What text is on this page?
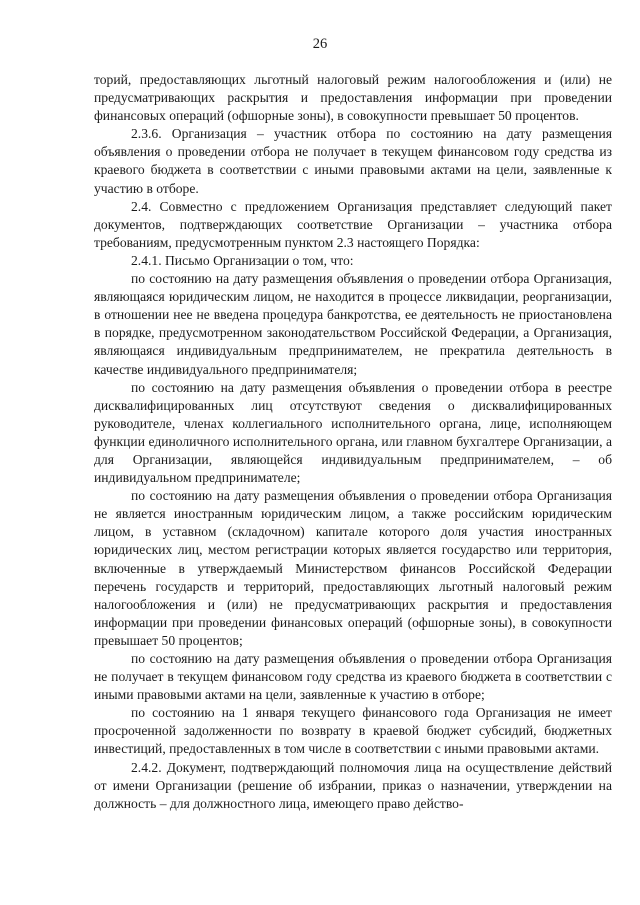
26

торий, предоставляющих льготный налоговый режим налогообложения и (или) не предусматривающих раскрытия и предоставления информации при проведении финансовых операций (офшорные зоны), в совокупности превышает 50 процентов.

2.3.6. Организация – участник отбора по состоянию на дату размещения объявления о проведении отбора не получает в текущем финансовом году средства из краевого бюджета в соответствии с иными правовыми актами на цели, заявленные к участию в отборе.

2.4. Совместно с предложением Организация представляет следующий пакет документов, подтверждающих соответствие Организации – участника отбора требованиям, предусмотренным пунктом 2.3 настоящего Порядка:

2.4.1. Письмо Организации о том, что:

по состоянию на дату размещения объявления о проведении отбора Организация, являющаяся юридическим лицом, не находится в процессе ликвидации, реорганизации, в отношении нее не введена процедура банкротства, ее деятельность не приостановлена в порядке, предусмотренном законодательством Российской Федерации, а Организация, являющаяся индивидуальным предпринимателем, не прекратила деятельность в качестве индивидуального предпринимателя;

по состоянию на дату размещения объявления о проведении отбора в реестре дисквалифицированных лиц отсутствуют сведения о дисквалифицированных руководителе, членах коллегиального исполнительного органа, лице, исполняющем функции единоличного исполнительного органа, или главном бухгалтере Организации, а для Организации, являющейся индивидуальным предпринимателем, – об индивидуальном предпринимателе;

по состоянию на дату размещения объявления о проведении отбора Организация не является иностранным юридическим лицом, а также российским юридическим лицом, в уставном (складочном) капитале которого доля участия иностранных юридических лиц, местом регистрации которых является государство или территория, включенные в утверждаемый Министерством финансов Российской Федерации перечень государств и территорий, предоставляющих льготный налоговый режим налогообложения и (или) не предусматривающих раскрытия и предоставления информации при проведении финансовых операций (офшорные зоны), в совокупности превышает 50 процентов;

по состоянию на дату размещения объявления о проведении отбора Организация не получает в текущем финансовом году средства из краевого бюджета в соответствии с иными правовыми актами на цели, заявленные к участию в отборе;

по состоянию на 1 января текущего финансового года Организация не имеет просроченной задолженности по возврату в краевой бюджет субсидий, бюджетных инвестиций, предоставленных в том числе в соответствии с иными правовыми актами.

2.4.2. Документ, подтверждающий полномочия лица на осуществление действий от имени Организации (решение об избрании, приказ о назначении, утверждении на должность – для должностного лица, имеющего право действо-
